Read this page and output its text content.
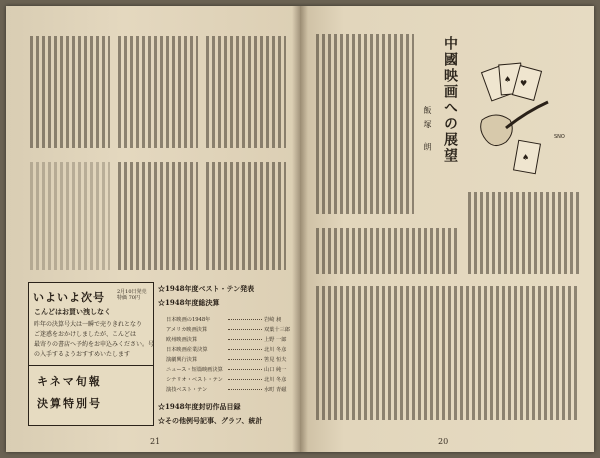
いよいよ次号 2月10日発売
特価 70円
こんどはお買い洩しなく
昨年の決算号大は一瞬で売りきれとなり
ご迷惑をおかけしましたが、こんどは
最寄りの書店へ予約をお申込みください。号
の入手するようおすすめいたします
キネマ旬報
決算特別号
☆1948年度ベスト・テン発表
☆1948年度総決算
日本映画の1948年	岩崎 昶
アメリカ映画決算	双葉十三郎
欧州映画決算	上野 一郎
日本映画産業決算	北川 冬彦
演劇興行決算	筈見 恒夫
ニュース・短篇映画決算	山口 純一
シナリオ・ベスト・テン	北川 冬彦
演技ベスト・テン	水町 青磁
☆1948年度封切作品目録
☆その他例号記事、グラフ、統計
21
中國映画への展望
飯塚 朗
♠ ♥
♠
SNO
20
